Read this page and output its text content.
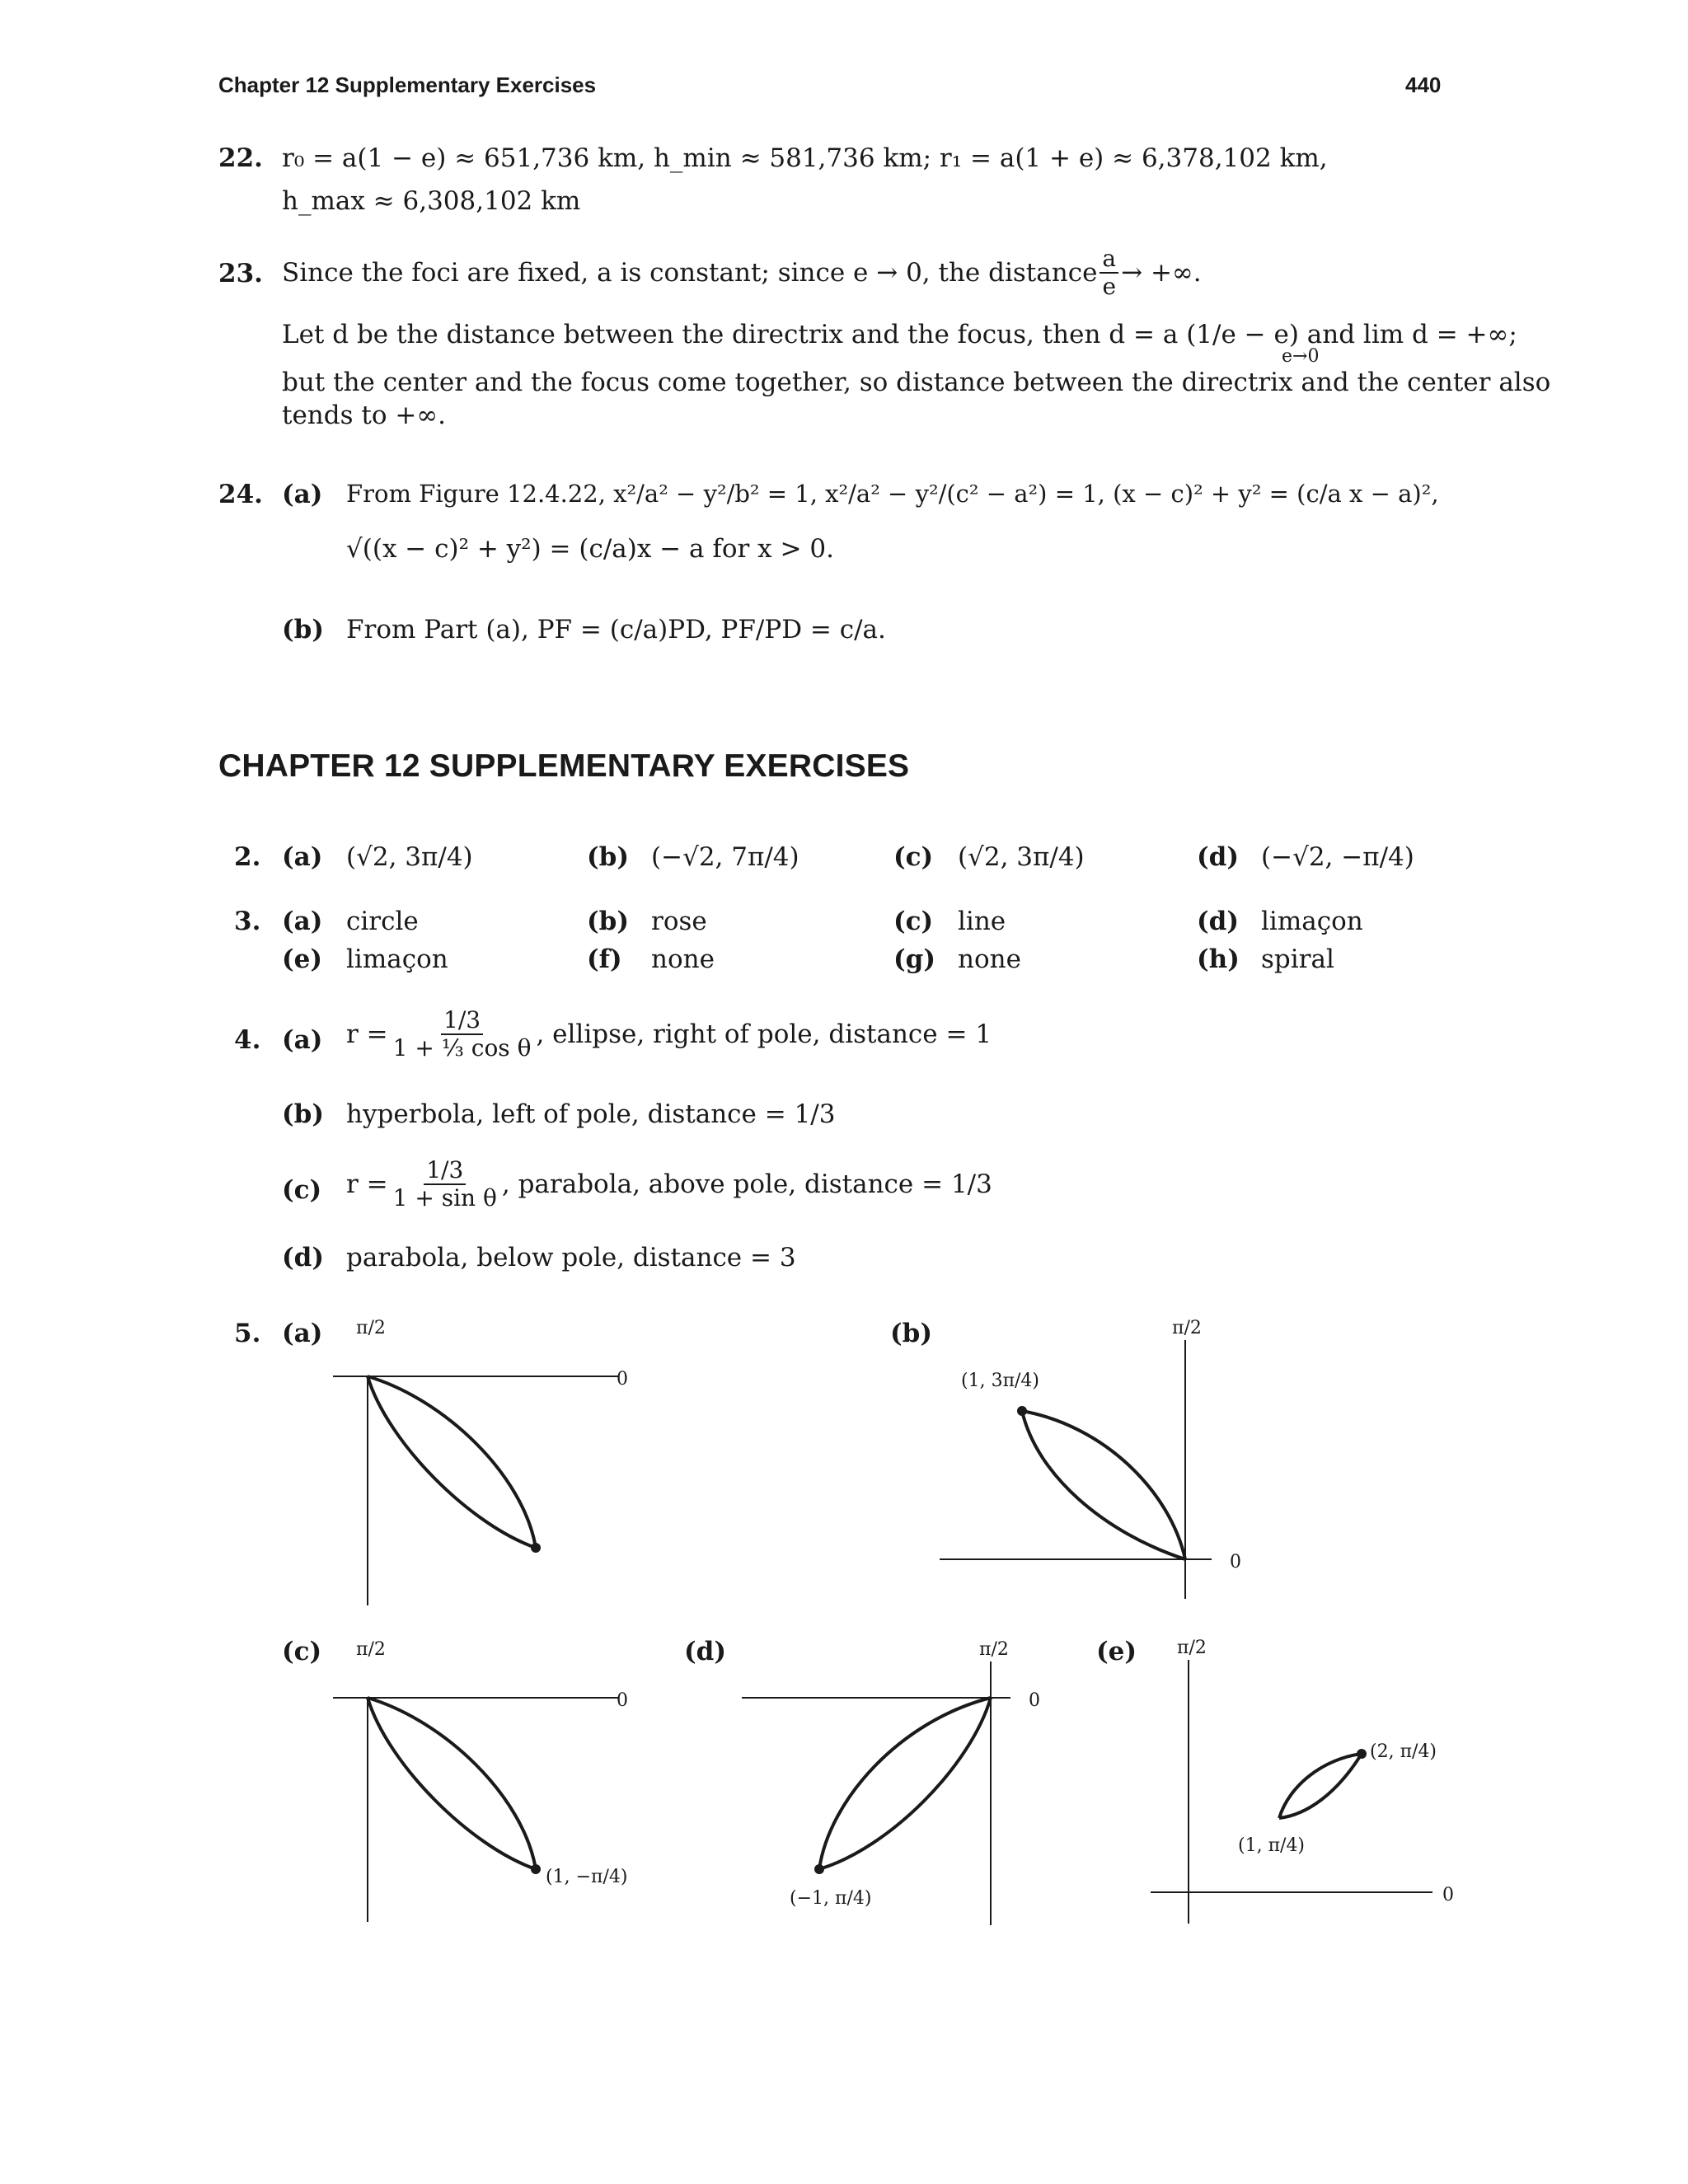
Chapter 12 Supplementary Exercises	440
22. r₀ = a(1 − e) ≈ 651,736 km, h_min ≈ 581,736 km; r₁ = a(1 + e) ≈ 6,378,102 km,
h_max ≈ 6,308,102 km
23. Since the foci are fixed, a is constant; since e → 0, the distance $\frac{a}{e}$ → +∞.
Let d be the distance between the directrix and the focus, then d = a (1/e − e) and lim d = +∞;
e→0
but the center and the focus come together, so distance between the directrix and the center also
tends to +∞.
24. (a) From Figure 12.4.22, x²/a² − y²/b² = 1, x²/a² − y²/(c² − a²) = 1, (x − c)² + y² = (c/a x − a)²,
√((x − c)² + y²) = (c/a)x − a for x > 0.
(b) From Part (a), PF = (c/a)PD, PF/PD = c/a.
CHAPTER 12 SUPPLEMENTARY EXERCISES
2. (a) (√2, 3π/4)	(b) (−√2, 7π/4)	(c) (√2, 3π/4)	(d) (−√2, −π/4)
3. (a) circle	(b) rose	(c) line	(d) limaçon
(e) limaçon	(f) none	(g) none	(h) spiral
4. (a) $r = \frac{1/3}{\text{1 + ⅓ cos θ}}$ , ellipse, right of pole, distance = 1
(b) hyperbola, left of pole, distance = 1/3
(c) $r = \frac{1/3}{\text{1 + sin θ}}$ , parabola, above pole, distance = 1/3
(d) parabola, below pole, distance = 3
5. (a)	(b)
(c)	(d)	(e)
π/2
0
π/2
0
(1, 3π/4)
π/2
0
(1, −π/4)
π/2
0
(−1, π/4)
π/2
0
(2, π/4)
(1, π/4)
